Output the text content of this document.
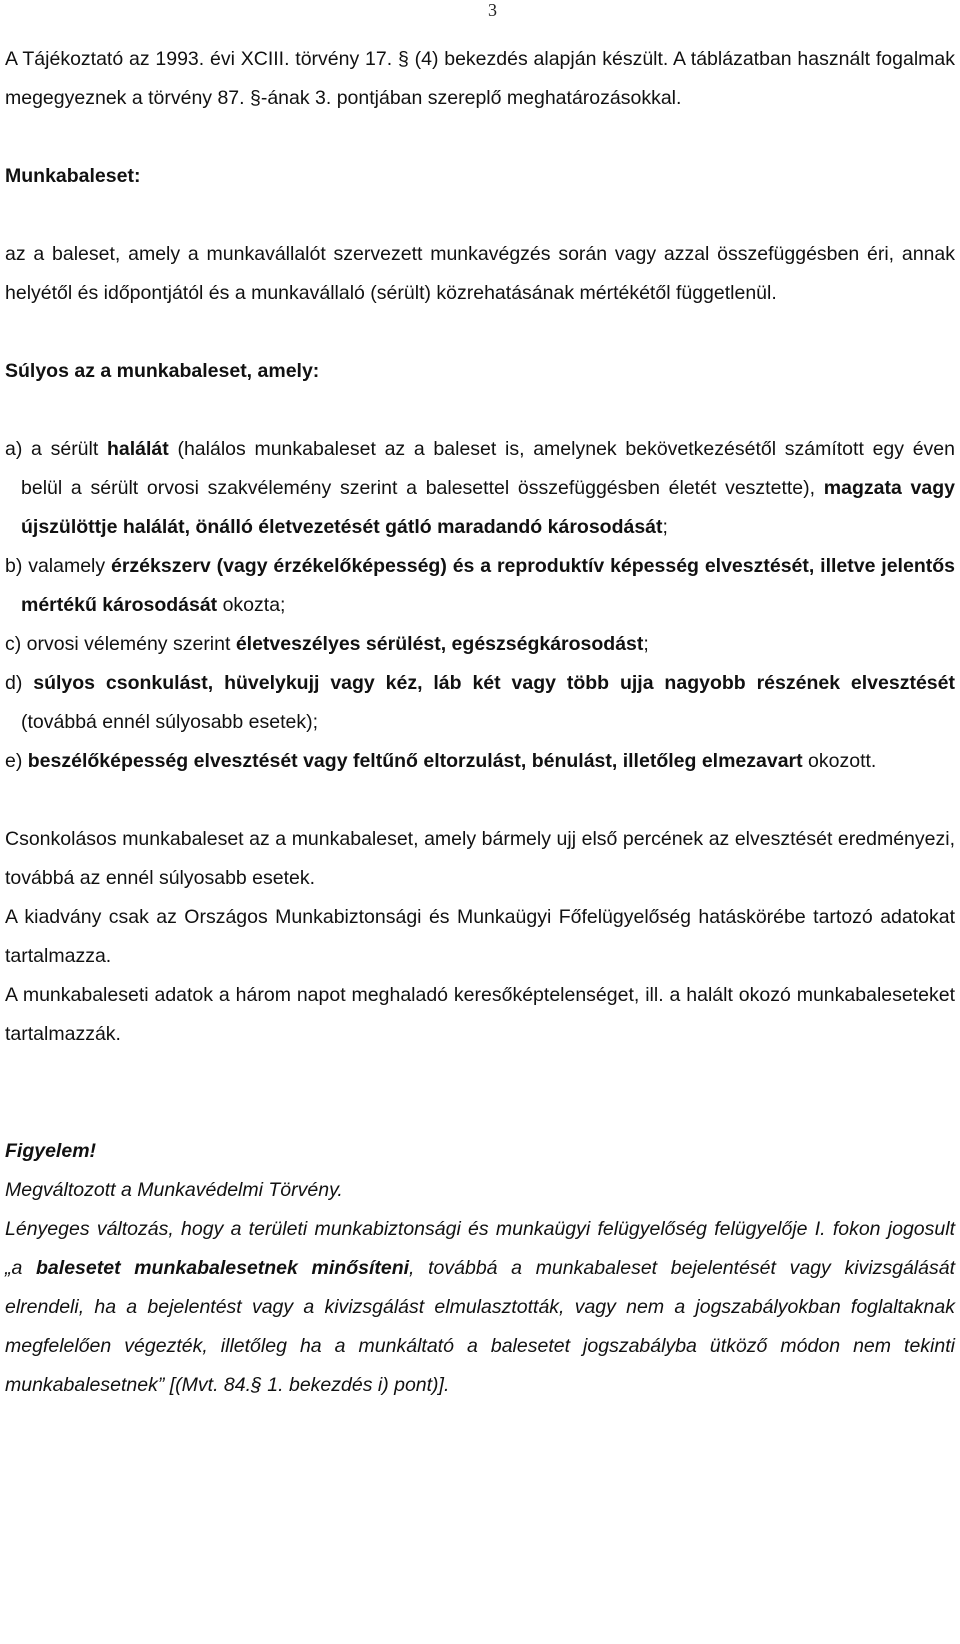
3

A Tájékoztató az 1993. évi XCIII. törvény 17. § (4) bekezdés alapján készült. A táblázatban használt fogalmak megegyeznek a törvény 87. §-ának 3. pontjában szereplő meghatározásokkal.

Munkabaleset:

az a baleset, amely a munkavállalót szervezett munkavégzés során vagy azzal összefüggésben éri, annak helyétől és időpontjától és a munkavállaló (sérült) közrehatásának mértékétől függetlenül.

Súlyos az a munkabaleset, amely:

a) a sérült halálát (halálos munkabaleset az a baleset is, amelynek bekövetkezésétől számított egy éven belül a sérült orvosi szakvélemény szerint a balesettel összefüggésben életét vesztette), magzata vagy újszülöttje halálát, önálló életvezetését gátló maradandó károsodását;

b) valamely érzékszerv (vagy érzékelőképesség) és a reproduktív képesség elvesztését, illetve jelentős mértékű károsodását okozta;

c) orvosi vélemény szerint életveszélyes sérülést, egészségkárosodást;

d) súlyos csonkulást, hüvelykujj vagy kéz, láb két vagy több ujja nagyobb részének elvesztését (továbbá ennél súlyosabb esetek);

e) beszélőképesség elvesztését vagy feltűnő eltorzulást, bénulást, illetőleg elmezavart okozott.

Csonkolásos munkabaleset az a munkabaleset, amely bármely ujj első percének az elvesztését eredményezi, továbbá az ennél súlyosabb esetek.

A kiadvány csak az Országos Munkabiztonsági és Munkaügyi Főfelügyelőség hatáskörébe tartozó adatokat tartalmazza.

A munkabaleseti adatok a három napot meghaladó keresőképtelenséget, ill. a halált okozó munkabaleseteket tartalmazzák.

Figyelem!

Megváltozott a Munkavédelmi Törvény.

Lényeges változás, hogy a területi munkabiztonsági és munkaügyi felügyelőség felügyelője I. fokon jogosult „a balesetet munkabalesetnek minősíteni, továbbá a munkabaleset bejelentését vagy kivizsgálását elrendeli, ha a bejelentést vagy a kivizsgálást elmulasztották, vagy nem a jogszabályokban foglaltaknak megfelelően végezték, illetőleg ha a munkáltató a balesetet jogszabályba ütköző módon nem tekinti munkabalesetnek” [(Mvt. 84.§ 1. bekezdés i) pont)].
